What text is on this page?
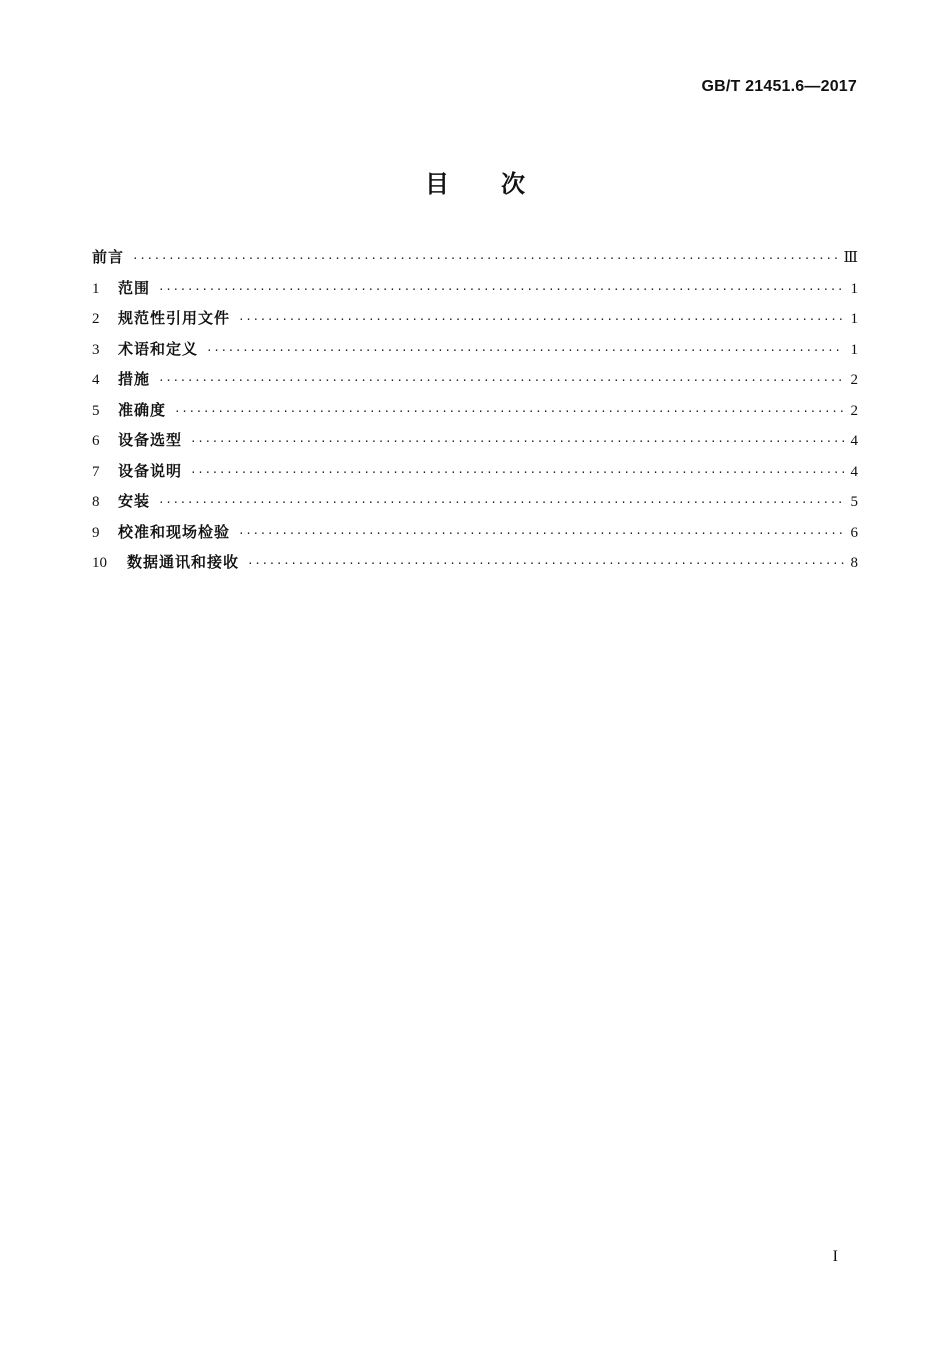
GB/T 21451.6—2017
目 次
前言 ·····	Ⅲ
1	范围 ·····	1
2	规范性引用文件 ·····	1
3	术语和定义 ·····	1
4	措施 ·····	2
5	准确度 ·····	2
6	设备选型 ·····	4
7	设备说明 ·····	4
8	安装 ·····	5
9	校准和现场检验 ·····	6
10	数据通讯和接收 ·····	8
I
